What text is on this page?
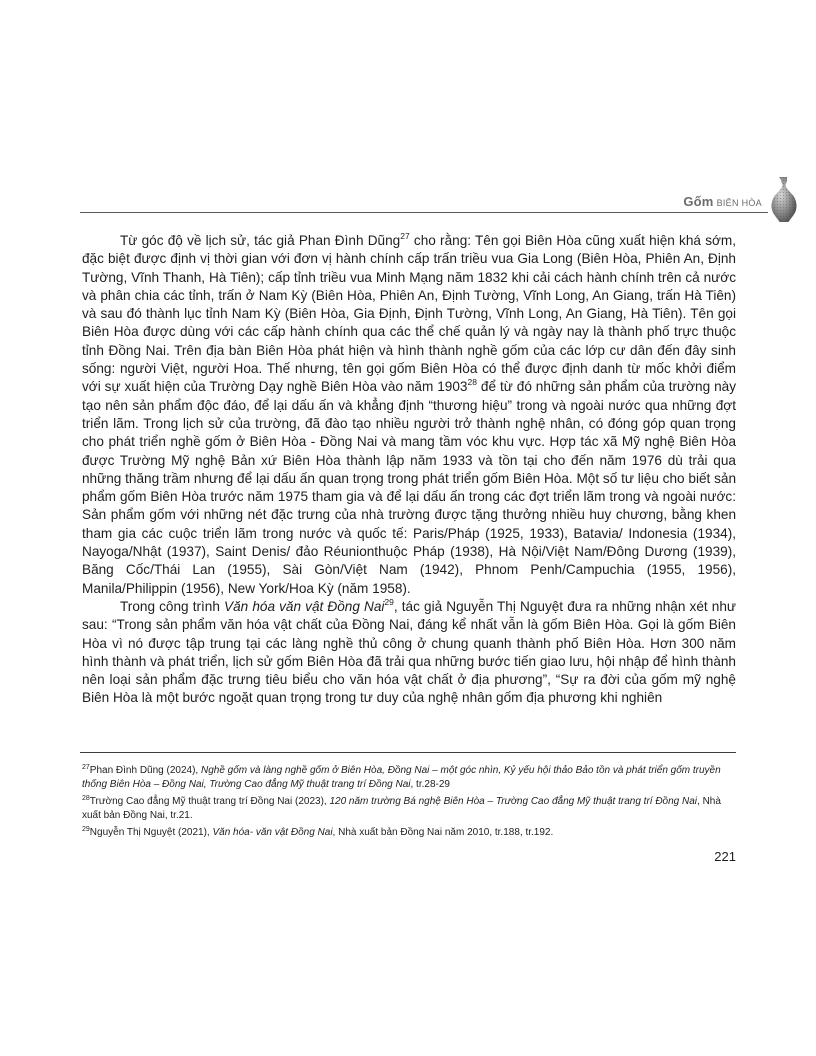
Gốm BIÊN HÒA

Từ góc độ về lịch sử, tác giả Phan Đình Dũng$^{27}$ cho rằng: Tên gọi Biên Hòa cũng xuất hiện khá sớm, đặc biệt được định vị thời gian với đơn vị hành chính cấp trấn triều vua Gia Long (Biên Hòa, Phiên An, Định Tường, Vĩnh Thanh, Hà Tiên); cấp tỉnh triều vua Minh Mạng năm 1832 khi cải cách hành chính trên cả nước và phân chia các tỉnh, trấn ở Nam Kỳ (Biên Hòa, Phiên An, Định Tường, Vĩnh Long, An Giang, trấn Hà Tiên) và sau đó thành lục tỉnh Nam Kỳ (Biên Hòa, Gia Định, Định Tường, Vĩnh Long, An Giang, Hà Tiên). Tên gọi Biên Hòa được dùng với các cấp hành chính qua các thể chế quản lý và ngày nay là thành phố trực thuộc tỉnh Đồng Nai. Trên địa bàn Biên Hòa phát hiện và hình thành nghề gốm của các lớp cư dân đến đây sinh sống: người Việt, người Hoa. Thế nhưng, tên gọi gốm Biên Hòa có thể được định danh từ mốc khởi điểm với sự xuất hiện của Trường Dạy nghề Biên Hòa vào năm 1903$^{28}$ để từ đó những sản phẩm của trường này tạo nên sản phẩm độc đáo, để lại dấu ấn và khẳng định “thương hiệu” trong và ngoài nước qua những đợt triển lãm. Trong lịch sử của trường, đã đào tạo nhiều người trở thành nghệ nhân, có đóng góp quan trọng cho phát triển nghề gốm ở Biên Hòa - Đồng Nai và mang tầm vóc khu vực. Hợp tác xã Mỹ nghệ Biên Hòa được Trường Mỹ nghệ Bản xứ Biên Hòa thành lập năm 1933 và tồn tại cho đến năm 1976 dù trải qua những thăng trầm nhưng để lại dấu ấn quan trọng trong phát triển gốm Biên Hòa. Một số tư liệu cho biết sản phẩm gốm Biên Hòa trước năm 1975 tham gia và để lại dấu ấn trong các đợt triển lãm trong và ngoài nước: Sản phẩm gốm với những nét đặc trưng của nhà trường được tặng thưởng nhiều huy chương, bằng khen tham gia các cuộc triển lãm trong nước và quốc tế: Paris/Pháp (1925, 1933), Batavia/ Indonesia (1934), Nayoga/Nhật (1937), Saint Denis/ đảo Réunionthuộc Pháp (1938), Hà Nội/Việt Nam/Đông Dương (1939), Băng Cốc/Thái Lan (1955), Sài Gòn/Việt Nam (1942), Phnom Penh/Campuchia (1955, 1956), Manila/Philippin (1956), New York/Hoa Kỳ (năm 1958).

Trong công trình Văn hóa văn vật Đồng Nai$^{29}$, tác giả Nguyễn Thị Nguyệt đưa ra những nhận xét như sau: “Trong sản phẩm văn hóa vật chất của Đồng Nai, đáng kể nhất vẫn là gốm Biên Hòa. Gọi là gốm Biên Hòa vì nó được tập trung tại các làng nghề thủ công ở chung quanh thành phố Biên Hòa. Hơn 300 năm hình thành và phát triển, lịch sử gốm Biên Hòa đã trải qua những bước tiến giao lưu, hội nhập để hình thành nên loại sản phẩm đặc trưng tiêu biểu cho văn hóa vật chất ở địa phương”, “Sự ra đời của gốm mỹ nghệ Biên Hòa là một bước ngoặt quan trọng trong tư duy của nghệ nhân gốm địa phương khi nghiên

$^{27}$Phan Đình Dũng (2024), Nghề gốm và làng nghề gốm ở Biên Hòa, Đồng Nai – một góc nhìn, Kỷ yếu hội thảo Bảo tồn và phát triển gốm truyền thống Biên Hòa – Đồng Nai, Trường Cao đẳng Mỹ thuật trang trí Đồng Nai, tr.28-29
$^{28}$Trường Cao đẳng Mỹ thuật trang trí Đồng Nai (2023), 120 năm trường Bá nghệ Biên Hòa – Trường Cao đẳng Mỹ thuật trang trí Đồng Nai, Nhà xuất bản Đồng Nai, tr.21.
$^{29}$Nguyễn Thị Nguyệt (2021), Văn hóa- văn vật Đồng Nai, Nhà xuất bản Đồng Nai năm 2010, tr.188, tr.192.
221
